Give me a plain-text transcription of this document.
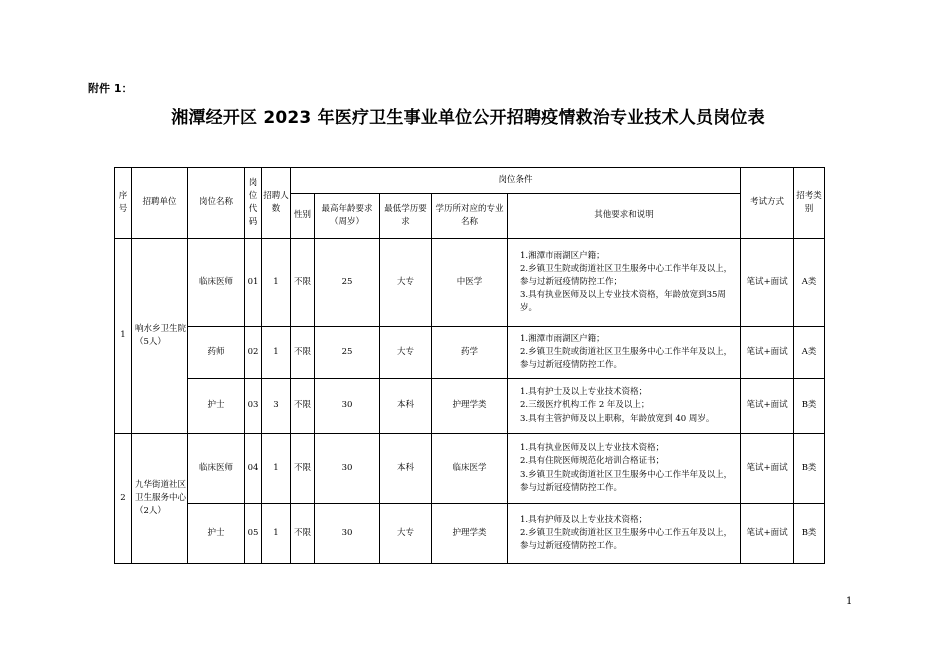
附件 1：
湘潭经开区 2023 年医疗卫生事业单位公开招聘疫情救治专业技术人员岗位表
序号	招聘单位	岗位名称	岗位代码	招聘人数	岗位条件					考试方式	招考类别
					性别	最高年龄要求（周岁）	最低学历要求	学历所对应的专业名称	其他要求和说明		
1	响水乡卫生院（5人）	临床医师	01	1	不限	25	大专	中医学	1.湘潭市雨湖区户籍；
2.乡镇卫生院或街道社区卫生服务中心工作半年及以上，参与过新冠疫情防控工作；
3.具有执业医师及以上专业技术资格，年龄放宽到35周岁。	笔试+面试	A类
		药师	02	1	不限	25	大专	药学	1.湘潭市雨湖区户籍；
2.乡镇卫生院或街道社区卫生服务中心工作半年及以上，参与过新冠疫情防控工作。	笔试+面试	A类
		护士	03	3	不限	30	本科	护理学类	1.具有护士及以上专业技术资格；
2.三级医疗机构工作 2 年及以上；
3.具有主管护师及以上职称，年龄放宽到 40 周岁。	笔试+面试	B类
2	九华街道社区卫生服务中心（2人）	临床医师	04	1	不限	30	本科	临床医学	1.具有执业医师及以上专业技术资格；
2.具有住院医师规范化培训合格证书；
3.乡镇卫生院或街道社区卫生服务中心工作半年及以上，参与过新冠疫情防控工作。	笔试+面试	B类
		护士	05	1	不限	30	大专	护理学类	1.具有护师及以上专业技术资格；
2.乡镇卫生院或街道社区卫生服务中心工作五年及以上，参与过新冠疫情防控工作。	笔试+面试	B类
1
